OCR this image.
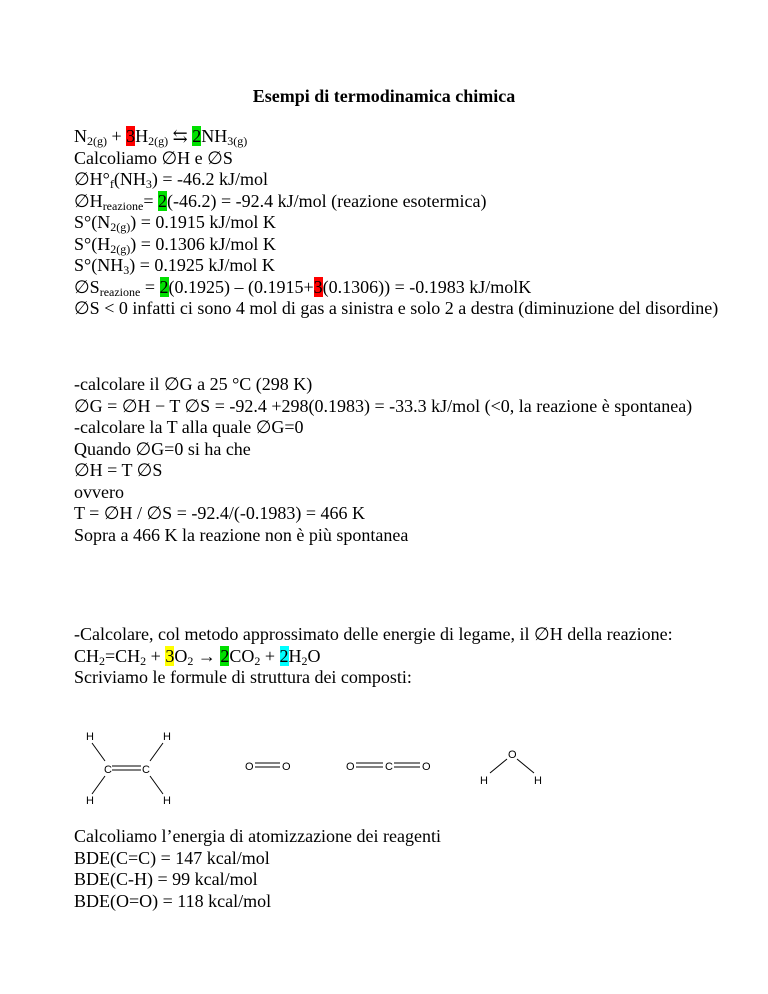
Esempi di termodinamica chimica
$N_{2(g)} + 3H_{2(g)}$ ⇆ $2NH_{3(g)}$
Calcoliamo ∅H e ∅S
$\emptyset H^\circ_f(NH_3) = -46.2$ kJ/mol
$\emptyset H_{reazione}= 2(-46.2) = -92.4$ kJ/mol (reazione esotermica)
$S^\circ(N_{2(g)}) = 0.1915$ kJ/mol K
$S^\circ(H_{2(g)}) = 0.1306$ kJ/mol K
$S^\circ(NH_3) = 0.1925$ kJ/mol K
$\emptyset S_{reazione} = 2(0.1925) - (0.1915+3(0.1306)) = -0.1983$ kJ/molK
∅S < 0 infatti ci sono 4 mol di gas a sinistra e solo 2 a destra (diminuzione del disordine)
-calcolare il ∅G a 25 °C (298 K)
∅G = ∅H − T ∅S = -92.4 +298(0.1983) = -33.3 kJ/mol (<0, la reazione è spontanea)
-calcolare la T alla quale ∅G=0
Quando ∅G=0 si ha che
∅H = T ∅S
ovvero
T = ∅H / ∅S = -92.4/(-0.1983) = 466 K
Sopra a 466 K la reazione non è più spontanea
-Calcolare, col metodo approssimato delle energie di legame, il ∅H della reazione:
$CH_2=CH_2 + 3O_2 \to 2CO_2 + 2H_2O$
Scriviamo le formule di struttura dei composti:
H	H
C	C
H	H
O	O	O	C	O
O
H	H
Calcoliamo l’energia di atomizzazione dei reagenti
BDE(C=C) = 147 kcal/mol
BDE(C-H) = 99 kcal/mol
BDE(O=O) = 118 kcal/mol
